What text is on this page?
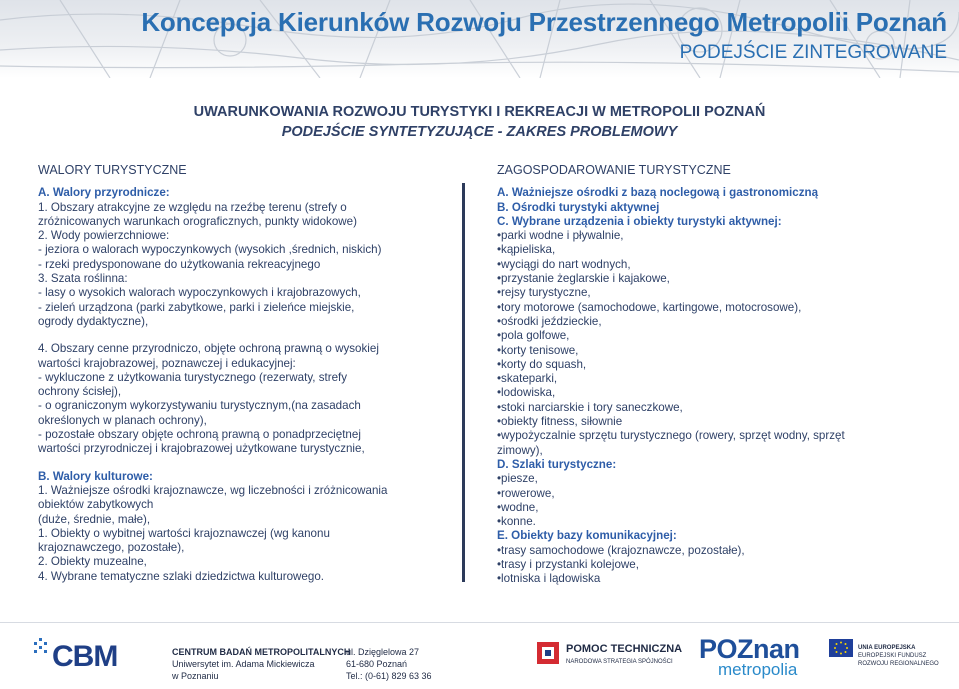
Koncepcja Kierunków Rozwoju Przestrzennego Metropolii Poznań
PODEJŚCIE ZINTEGROWANE
UWARUNKOWANIA ROZWOJU TURYSTYKI I REKREACJI W METROPOLII POZNAŃ
PODEJŚCIE SYNTETYZUJĄCE - ZAKRES PROBLEMOWY
WALORY TURYSTYCZNE

A. Walory przyrodnicze:

1. Obszary atrakcyjne ze względu na rzeźbę terenu (strefy o

zróżnicowanych warunkach orograficznych, punkty widokowe)

2. Wody powierzchniowe:

- jeziora o walorach wypoczynkowych (wysokich ,średnich, niskich)

- rzeki predysponowane do użytkowania rekreacyjnego

3. Szata roślinna:

- lasy o wysokich walorach wypoczynkowych i krajobrazowych,

- zieleń urządzona (parki zabytkowe, parki i zieleńce miejskie,

ogrody dydaktyczne),

4. Obszary cenne przyrodniczo, objęte ochroną prawną o wysokiej

wartości krajobrazowej, poznawczej i edukacyjnej:

- wykluczone z użytkowania turystycznego (rezerwaty, strefy

ochrony ścisłej),

- o ograniczonym wykorzystywaniu turystycznym,(na zasadach

określonych w planach ochrony),

- pozostałe obszary objęte ochroną prawną o ponadprzeciętnej

wartości przyrodniczej i krajobrazowej użytkowane turystycznie,

B. Walory kulturowe:

1. Ważniejsze ośrodki krajoznawcze, wg liczebności i zróżnicowania

obiektów zabytkowych

(duże, średnie, małe),

1. Obiekty o wybitnej wartości krajoznawczej (wg kanonu

krajoznawczego, pozostałe),

2. Obiekty muzealne,

4. Wybrane tematyczne szlaki dziedzictwa kulturowego.

ZAGOSPODAROWANIE TURYSTYCZNE

A. Ważniejsze ośrodki z bazą noclegową i gastronomiczną

B. Ośrodki turystyki aktywnej

C. Wybrane urządzenia i obiekty turystyki aktywnej:

•parki wodne i pływalnie,

•kąpieliska,

•wyciągi do nart wodnych,

•przystanie żeglarskie i kajakowe,

•rejsy turystyczne,

•tory motorowe (samochodowe, kartingowe, motocrosowe),

•ośrodki jeździeckie,

•pola golfowe,

•korty tenisowe,

•korty do squash,

•skateparki,

•lodowiska,

•stoki narciarskie i tory saneczkowe,

•obiekty fitness, siłownie

•wypożyczalnie sprzętu turystycznego (rowery, sprzęt wodny, sprzęt

zimowy),

D. Szlaki turystyczne:

•piesze,

•rowerowe,

•wodne,

•konne.

E. Obiekty bazy komunikacyjnej:

•trasy samochodowe (krajoznawcze, pozostałe),

•trasy i przystanki kolejowe,

•lotniska i lądowiska

CBM	CENTRUM BADAŃ METROPOLITALNYCH
Uniwersytet im. Adama Mickiewicza
w Poznaniu
ul. Dzięglelowa 27
61-680 Poznań
Tel.: (0-61) 829 63 36
POMOC TECHNICZNA
NARODOWA STRATEGIA SPÓJNOŚCI POZnan
metropolia
UNIA EUROPEJSKA
EUROPEJSKI FUNDUSZ
ROZWOJU REGIONALNEGO
